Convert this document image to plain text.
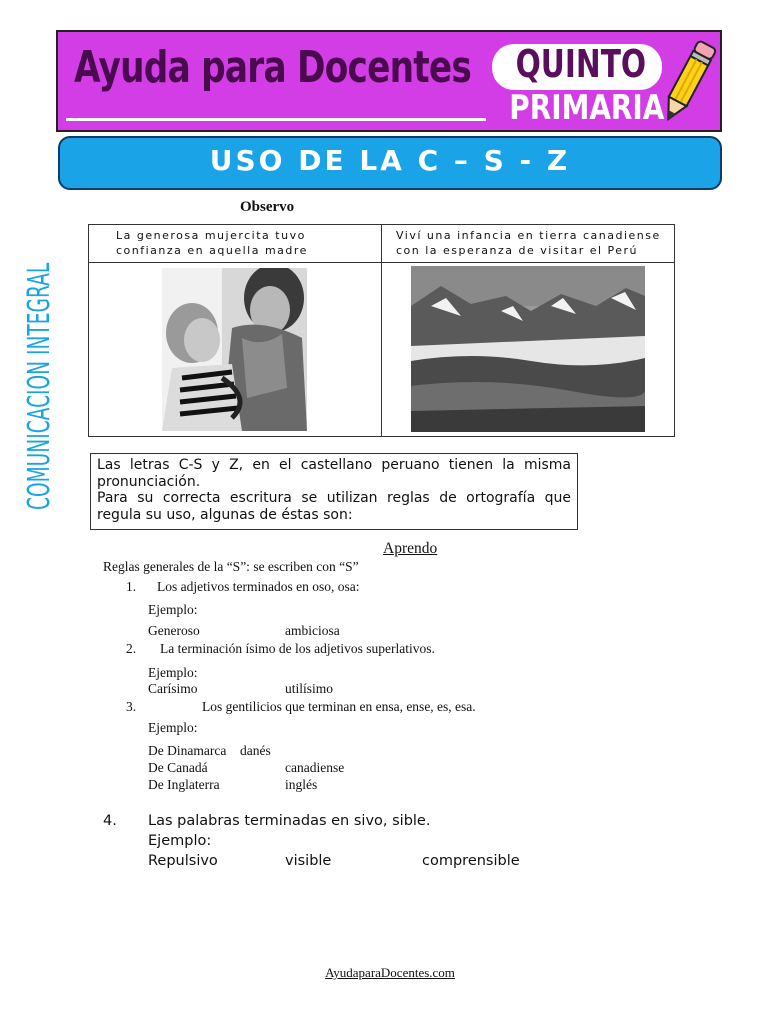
Ayuda para Docentes QUINTO
PRIMARIA
USO DE LA C – S - Z
COMUNICACION INTEGRAL
Observo
La generosa mujercita tuvo confianza en aquella madre
Viví una infancia en tierra canadiense con la esperanza de visitar el Perú

Las letras C-S y Z, en el castellano peruano tienen la misma pronunciación.

Para su correcta escritura se utilizan reglas de ortografía que regula su uso, algunas de éstas son:

Aprendo
Reglas generales de la “S”: se escriben con “S”
1. Los adjetivos terminados en oso, osa:
Ejemplo:
Generoso	ambiciosa
2. La terminación ísimo de los adjetivos superlativos.
Ejemplo:
Carísimo	utilísimo
3.	Los gentilicios que terminan en ensa, ense, es, esa.
Ejemplo:
De Dinamarca danés
De Canadá	canadiense
De Inglaterra	inglés
4. Las palabras terminadas en sivo, sible.
Ejemplo:
Repulsivo	visible	comprensible
AyudaparaDocentes.com
